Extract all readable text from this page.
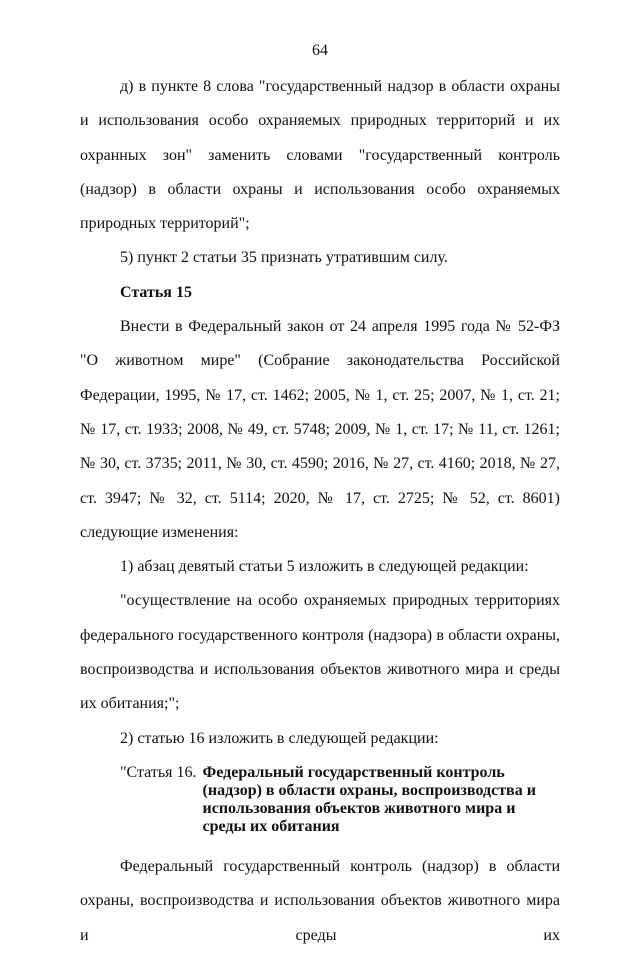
64

д) в пункте 8 слова "государственный надзор в области охраны и использования особо охраняемых природных территорий и их охранных зон" заменить словами "государственный контроль (надзор) в области охраны и использования особо охраняемых природных территорий";

5) пункт 2 статьи 35 признать утратившим силу.

Статья 15

Внести в Федеральный закон от 24 апреля 1995 года № 52-ФЗ "О животном мире" (Собрание законодательства Российской Федерации, 1995, № 17, ст. 1462; 2005, № 1, ст. 25; 2007, № 1, ст. 21; № 17, ст. 1933; 2008, № 49, ст. 5748; 2009, № 1, ст. 17; № 11, ст. 1261; № 30, ст. 3735; 2011, № 30, ст. 4590; 2016, № 27, ст. 4160; 2018, № 27, ст. 3947; № 32, ст. 5114; 2020, № 17, ст. 2725; № 52, ст. 8601) следующие изменения:

1) абзац девятый статьи 5 изложить в следующей редакции:

"осуществление на особо охраняемых природных территориях федерального государственного контроля (надзора) в области охраны, воспроизводства и использования объектов животного мира и среды их обитания;";

2) статью 16 изложить в следующей редакции:

"Статья 16. Федеральный государственный контроль (надзор) в области охраны, воспроизводства и использования объектов животного мира и среды их обитания

Федеральный государственный контроль (надзор) в области охраны, воспроизводства и использования объектов животного мира и среды их
